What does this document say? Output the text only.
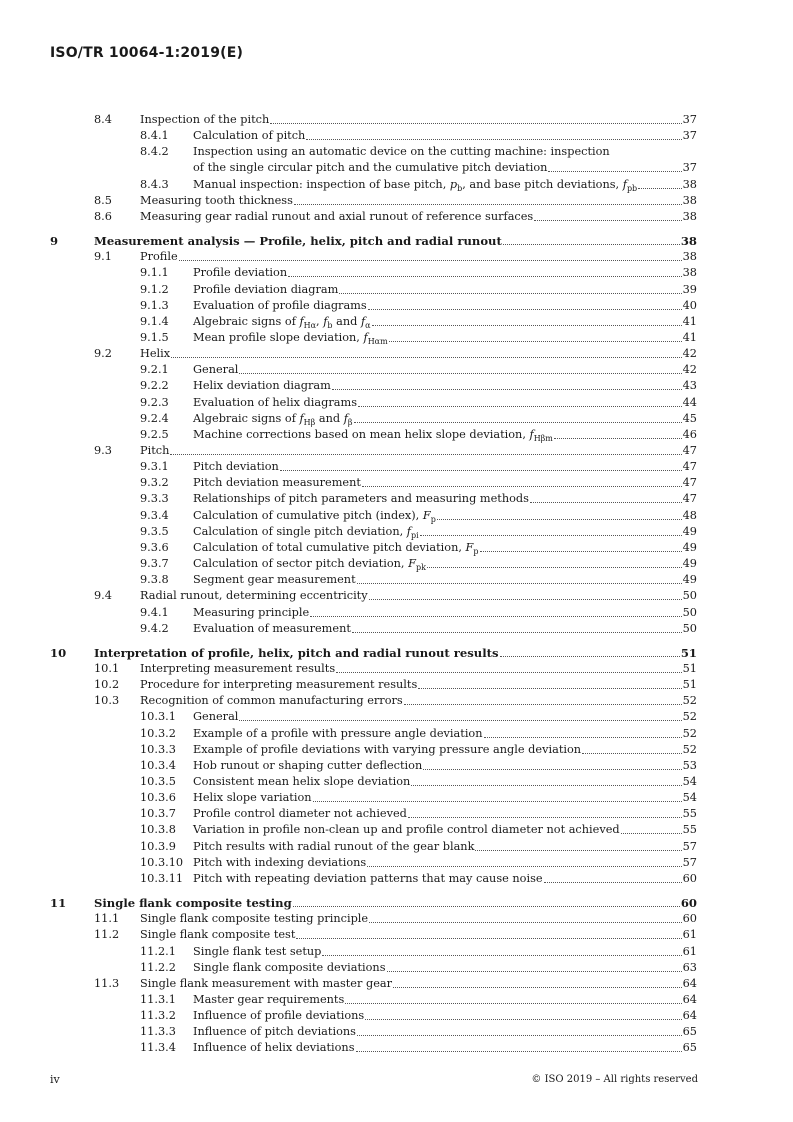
ISO/TR 10064-1:2019(E)
8.4 Inspection of the pitch	37
8.4.1 Calculation of pitch	37
8.4.2 Inspection using an automatic device on the cutting machine: inspection
of the single circular pitch and the cumulative pitch deviation	37
8.4.3 Manual inspection: inspection of base pitch, $p_b$, and base pitch deviations, $f_{pb}$	38
8.5 Measuring tooth thickness	38
8.6 Measuring gear radial runout and axial runout of reference surfaces	38
9	Measurement analysis — Profile, helix, pitch and radial runout	38
9.1 Profile	38
9.1.1 Profile deviation	38
9.1.2 Profile deviation diagram	39
9.1.3 Evaluation of profile diagrams	40
9.1.4 Algebraic signs of $f_{H\alpha}$, $f_b$ and $f_\alpha$	41
9.1.5 Mean profile slope deviation, $f_{H\alpha m}$	41
9.2 Helix	42
9.2.1 General	42
9.2.2 Helix deviation diagram	43
9.2.3 Evaluation of helix diagrams	44
9.2.4 Algebraic signs of $f_{H\beta}$ and $f_\beta$	45
9.2.5 Machine corrections based on mean helix slope deviation, $f_{H\beta m}$	46
9.3 Pitch	47
9.3.1 Pitch deviation	47
9.3.2 Pitch deviation measurement	47
9.3.3 Relationships of pitch parameters and measuring methods	47
9.3.4 Calculation of cumulative pitch (index), $F_p$	48
9.3.5 Calculation of single pitch deviation, $f_{pi}$	49
9.3.6 Calculation of total cumulative pitch deviation, $F_p$	49
9.3.7 Calculation of sector pitch deviation, $F_{pk}$	49
9.3.8 Segment gear measurement	49
9.4 Radial runout, determining eccentricity	50
9.4.1 Measuring principle	50
9.4.2 Evaluation of measurement	50
10 Interpretation of profile, helix, pitch and radial runout results	51
10.1 Interpreting measurement results	51
10.2 Procedure for interpreting measurement results	51
10.3 Recognition of common manufacturing errors	52
10.3.1 General	52
10.3.2 Example of a profile with pressure angle deviation	52
10.3.3 Example of profile deviations with varying pressure angle deviation	52
10.3.4 Hob runout or shaping cutter deflection	53
10.3.5 Consistent mean helix slope deviation	54
10.3.6 Helix slope variation	54
10.3.7 Profile control diameter not achieved	55
10.3.8 Variation in profile non-clean up and profile control diameter not achieved	55
10.3.9 Pitch results with radial runout of the gear blank	57
10.3.10 Pitch with indexing deviations	57
10.3.11 Pitch with repeating deviation patterns that may cause noise	60
11 Single flank composite testing	60
11.1 Single flank composite testing principle	60
11.2 Single flank composite test	61
11.2.1 Single flank test setup	61
11.2.2 Single flank composite deviations	63
11.3 Single flank measurement with master gear	64
11.3.1 Master gear requirements	64
11.3.2 Influence of profile deviations	64
11.3.3 Influence of pitch deviations	65
11.3.4 Influence of helix deviations	65
iv	© ISO 2019 – All rights reserved
